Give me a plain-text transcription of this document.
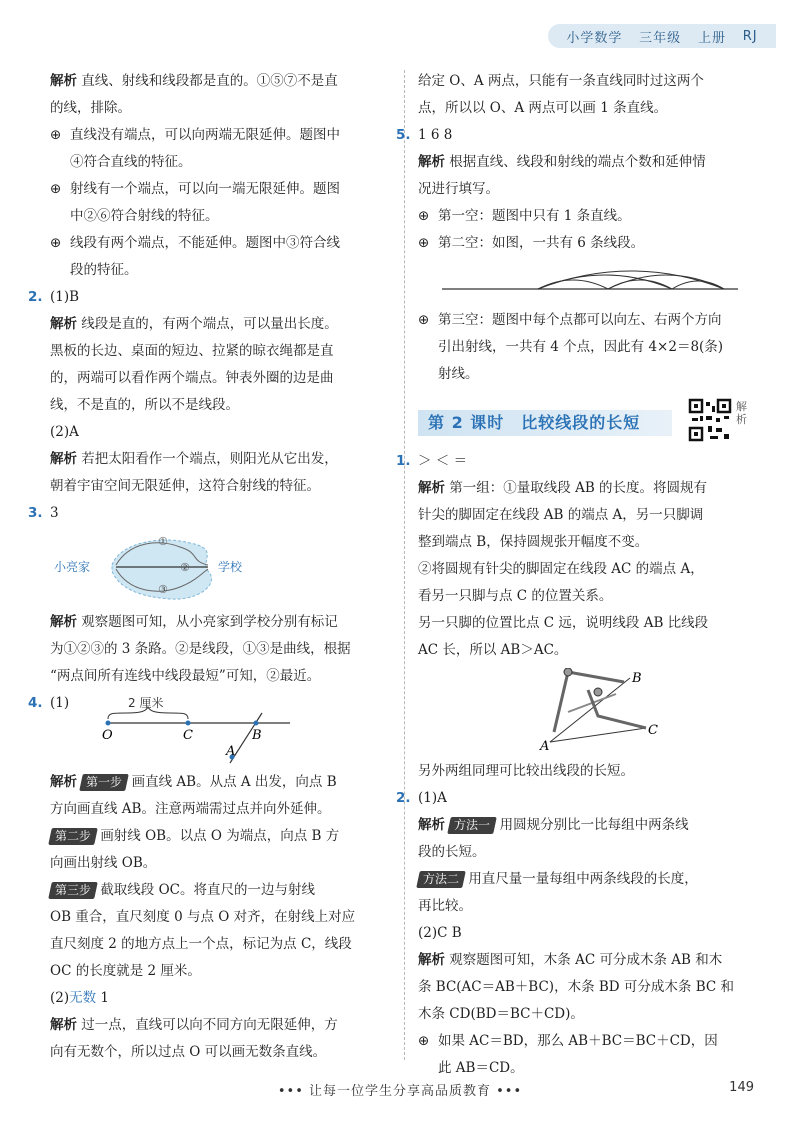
小学数学 三年级 上册 RJ
解析 直线、射线和线段都是直的。①⑤⑦不是直
的线，排除。
⊕ 直线没有端点，可以向两端无限延伸。题图中
④符合直线的特征。
⊕ 射线有一个端点，可以向一端无限延伸。题图
中②⑥符合射线的特征。
⊕ 线段有两个端点，不能延伸。题图中③符合线
段的特征。
2. (1)B
解析 线段是直的，有两个端点，可以量出长度。
黑板的长边、桌面的短边、拉紧的晾衣绳都是直
的，两端可以看作两个端点。钟表外圈的边是曲
线，不是直的，所以不是线段。
(2)A
解析 若把太阳看作一个端点，则阳光从它出发，
朝着宇宙空间无限延伸，这符合射线的特征。
3. 3
小亮家	学校
①
②
③
解析 观察题图可知，从小亮家到学校分别有标记
为①②③的 3 条路。②是线段，①③是曲线，根据
“两点间所有连线中线段最短”可知，②最近。
4. (1)	2 厘米
O	C	B
A
解析 第一步 画直线 AB。从点 A 出发，向点 B
方向画直线 AB。注意两端需过点并向外延伸。
第二步 画射线 OB。以点 O 为端点，向点 B 方
向画出射线 OB。
第三步 截取线段 OC。将直尺的一边与射线
OB 重合，直尺刻度 0 与点 O 对齐，在射线上对应
直尺刻度 2 的地方点上一个点，标记为点 C，线段
OC 的长度就是 2 厘米。
(2)无数 1
解析 过一点，直线可以向不同方向无限延伸，方
向有无数个，所以过点 O 可以画无数条直线。
给定 O、A 两点，只能有一条直线同时过这两个
点，所以以 O、A 两点可以画 1 条直线。
5. 1 6 8
解析 根据直线、线段和射线的端点个数和延伸情
况进行填写。
⊕ 第一空：题图中只有 1 条直线。
⊕ 第二空：如图，一共有 6 条线段。
⊕ 第三空：题图中每个点都可以向左、右两个方向
引出射线，一共有 4 个点，因此有 4×2＝8(条)
射线。
第 2 课时　比较线段的长短
解析
1. ＞ ＜ ＝
解析 第一组：①量取线段 AB 的长度。将圆规有
针尖的脚固定在线段 AB 的端点 A，另一只脚调
整到端点 B，保持圆规张开幅度不变。
②将圆规有针尖的脚固定在线段 AC 的端点 A，
看另一只脚与点 C 的位置关系。
另一只脚的位置比点 C 远，说明线段 AB 比线段
AC 长，所以 AB＞AC。
A
B
C
另外两组同理可比较出线段的长短。
2. (1)A
解析 方法一 用圆规分别比一比每组中两条线
段的长短。
方法二 用直尺量一量每组中两条线段的长度，
再比较。
(2)C B
解析 观察题图可知，木条 AC 可分成木条 AB 和木
条 BC(AC＝AB＋BC)，木条 BD 可分成木条 BC 和
木条 CD(BD＝BC＋CD)。
⊕ 如果 AC＝BD，那么 AB＋BC＝BC＋CD，因
此 AB＝CD。
••• 让每一位学生分享高品质教育 •••	149
